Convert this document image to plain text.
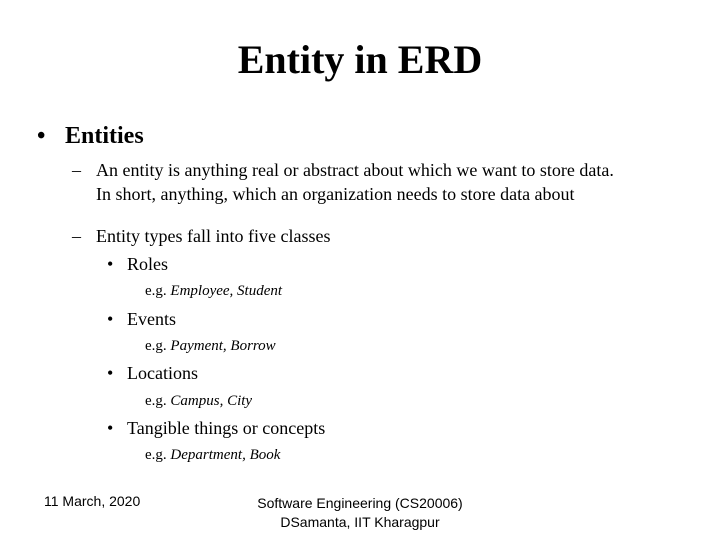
Entity in ERD
• Entities
– An entity is anything real or abstract about which we want to store data.
In short, anything, which an organization needs to store data about
– Entity types fall into five classes
• Roles
e.g. Employee, Student
• Events
e.g. Payment, Borrow
• Locations
e.g. Campus, City
• Tangible things or concepts
e.g. Department, Book
11 March, 2020	Software Engineering (CS20006)
DSamanta, IIT Kharagpur
